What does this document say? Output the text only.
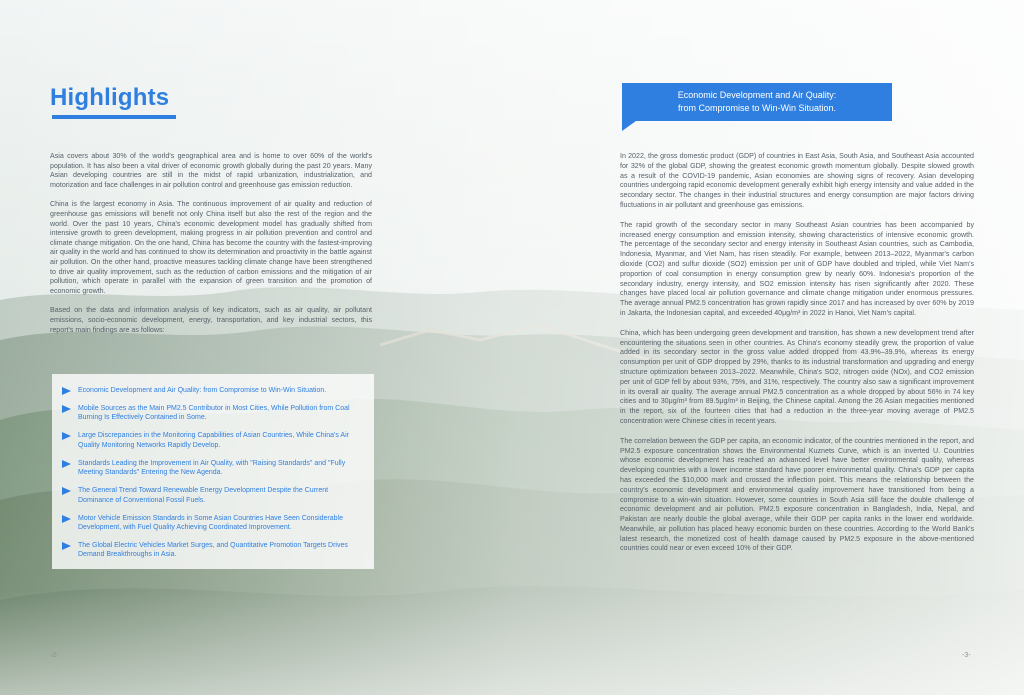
Highlights

Asia covers about 30% of the world's geographical area and is home to over 60% of the world's population. It has also been a vital driver of economic growth globally during the past 20 years. Many Asian developing countries are still in the midst of rapid urbanization, industrialization, and motorization and face challenges in air pollution control and greenhouse gas emission reduction.

China is the largest economy in Asia. The continuous improvement of air quality and reduction of greenhouse gas emissions will benefit not only China itself but also the rest of the region and the world. Over the past 10 years, China's economic development model has gradually shifted from intensive growth to green development, making progress in air pollution prevention and control and climate change mitigation. On the one hand, China has become the country with the fastest-improving air quality in the world and has continued to show its determination and proactivity in the battle against air pollution. On the other hand, proactive measures tackling climate change have been strengthened to drive air quality improvement, such as the reduction of carbon emissions and the mitigation of air pollution, which operate in parallel with the expansion of green transition and the promotion of economic growth.

Based on the data and information analysis of key indicators, such as air quality, air pollutant emissions, socio-economic development, energy, transportation, and key industrial sectors, this report's main findings are as follows:

Economic Development and Air Quality: from Compromise to Win-Win Situation.
Mobile Sources as the Main PM2.5 Contributor in Most Cities, While Pollution from Coal Burning Is Effectively Contained in Some.
Large Discrepancies in the Monitoring Capabilities of Asian Countries, While China's Air Quality Monitoring Networks Rapidly Develop.
Standards Leading the Improvement in Air Quality, with "Raising Standards" and "Fully Meeting Standards" Entering the New Agenda.
The General Trend Toward Renewable Energy Development Despite the Current Dominance of Conventional Fossil Fuels.
Motor Vehicle Emission Standards in Some Asian Countries Have Seen Considerable Development, with Fuel Quality Achieving Coordinated Improvement.
The Global Electric Vehicles Market Surges, and Quantitative Promotion Targets Drives Demand Breakthroughs in Asia.
Economic Development and Air Quality:
from Compromise to Win-Win Situation.

In 2022, the gross domestic product (GDP) of countries in East Asia, South Asia, and Southeast Asia accounted for 32% of the global GDP, showing the greatest economic growth momentum globally. Despite slowed growth as a result of the COVID-19 pandemic, Asian economies are showing signs of recovery. Asian developing countries undergoing rapid economic development generally exhibit high energy intensity and value added in the secondary sector. The changes in their industrial structures and energy consumption are major factors driving fluctuations in air pollutant and greenhouse gas emissions.

The rapid growth of the secondary sector in many Southeast Asian countries has been accompanied by increased energy consumption and emission intensity, showing characteristics of intensive economic growth. The percentage of the secondary sector and energy intensity in Southeast Asian countries, such as Cambodia, Indonesia, Myanmar, and Viet Nam, has risen steadily. For example, between 2013–2022, Myanmar's carbon dioxide (CO2) and sulfur dioxide (SO2) emission per unit of GDP have doubled and tripled, while Viet Nam's proportion of coal consumption in energy consumption grew by nearly 60%. Indonesia's proportion of the secondary industry, energy intensity, and SO2 emission intensity has risen significantly after 2020. These changes have placed local air pollution governance and climate change mitigation under enormous pressures. The average annual PM2.5 concentration has grown rapidly since 2017 and has increased by over 60% by 2019 in Jakarta, the Indonesian capital, and exceeded 40μg/m³ in 2022 in Hanoi, Viet Nam's capital.

China, which has been undergoing green development and transition, has shown a new development trend after encountering the situations seen in other countries. As China's economy steadily grew, the proportion of value added in its secondary sector in the gross value added dropped from 43.9%–39.9%, whereas its energy consumption per unit of GDP dropped by 29%, thanks to its industrial transformation and upgrading and energy structure optimization between 2013–2022. Meanwhile, China's SO2, nitrogen oxide (NOx), and CO2 emission per unit of GDP fell by about 93%, 75%, and 31%, respectively. The country also saw a significant improvement in its overall air quality. The average annual PM2.5 concentration as a whole dropped by about 56% in 74 key cities and to 30μg/m³ from 89.5μg/m³ in Beijing, the Chinese capital. Among the 26 Asian megacities mentioned in the report, six of the fourteen cities that had a reduction in the three-year moving average of PM2.5 concentration were Chinese cities in recent years.

The correlation between the GDP per capita, an economic indicator, of the countries mentioned in the report, and PM2.5 exposure concentration shows the Environmental Kuznets Curve, which is an inverted U. Countries whose economic development has reached an advanced level have better environmental quality, whereas developing countries with a lower income standard have poorer environmental quality. China's GDP per capita has exceeded the $10,000 mark and crossed the inflection point. This means the relationship between the country's economic development and environmental quality improvement have transitioned from being a compromise to a win-win situation. However, some countries in South Asia still face the double challenge of economic development and air pollution. PM2.5 exposure concentration in Bangladesh, India, Nepal, and Pakistan are nearly double the global average, while their GDP per capita ranks in the lower end worldwide. Meanwhile, air pollution has placed heavy economic burden on these countries. According to the World Bank's latest research, the monetized cost of health damage caused by PM2.5 exposure in the above-mentioned countries could near or even exceed 10% of their GDP.

-2-	-3-
